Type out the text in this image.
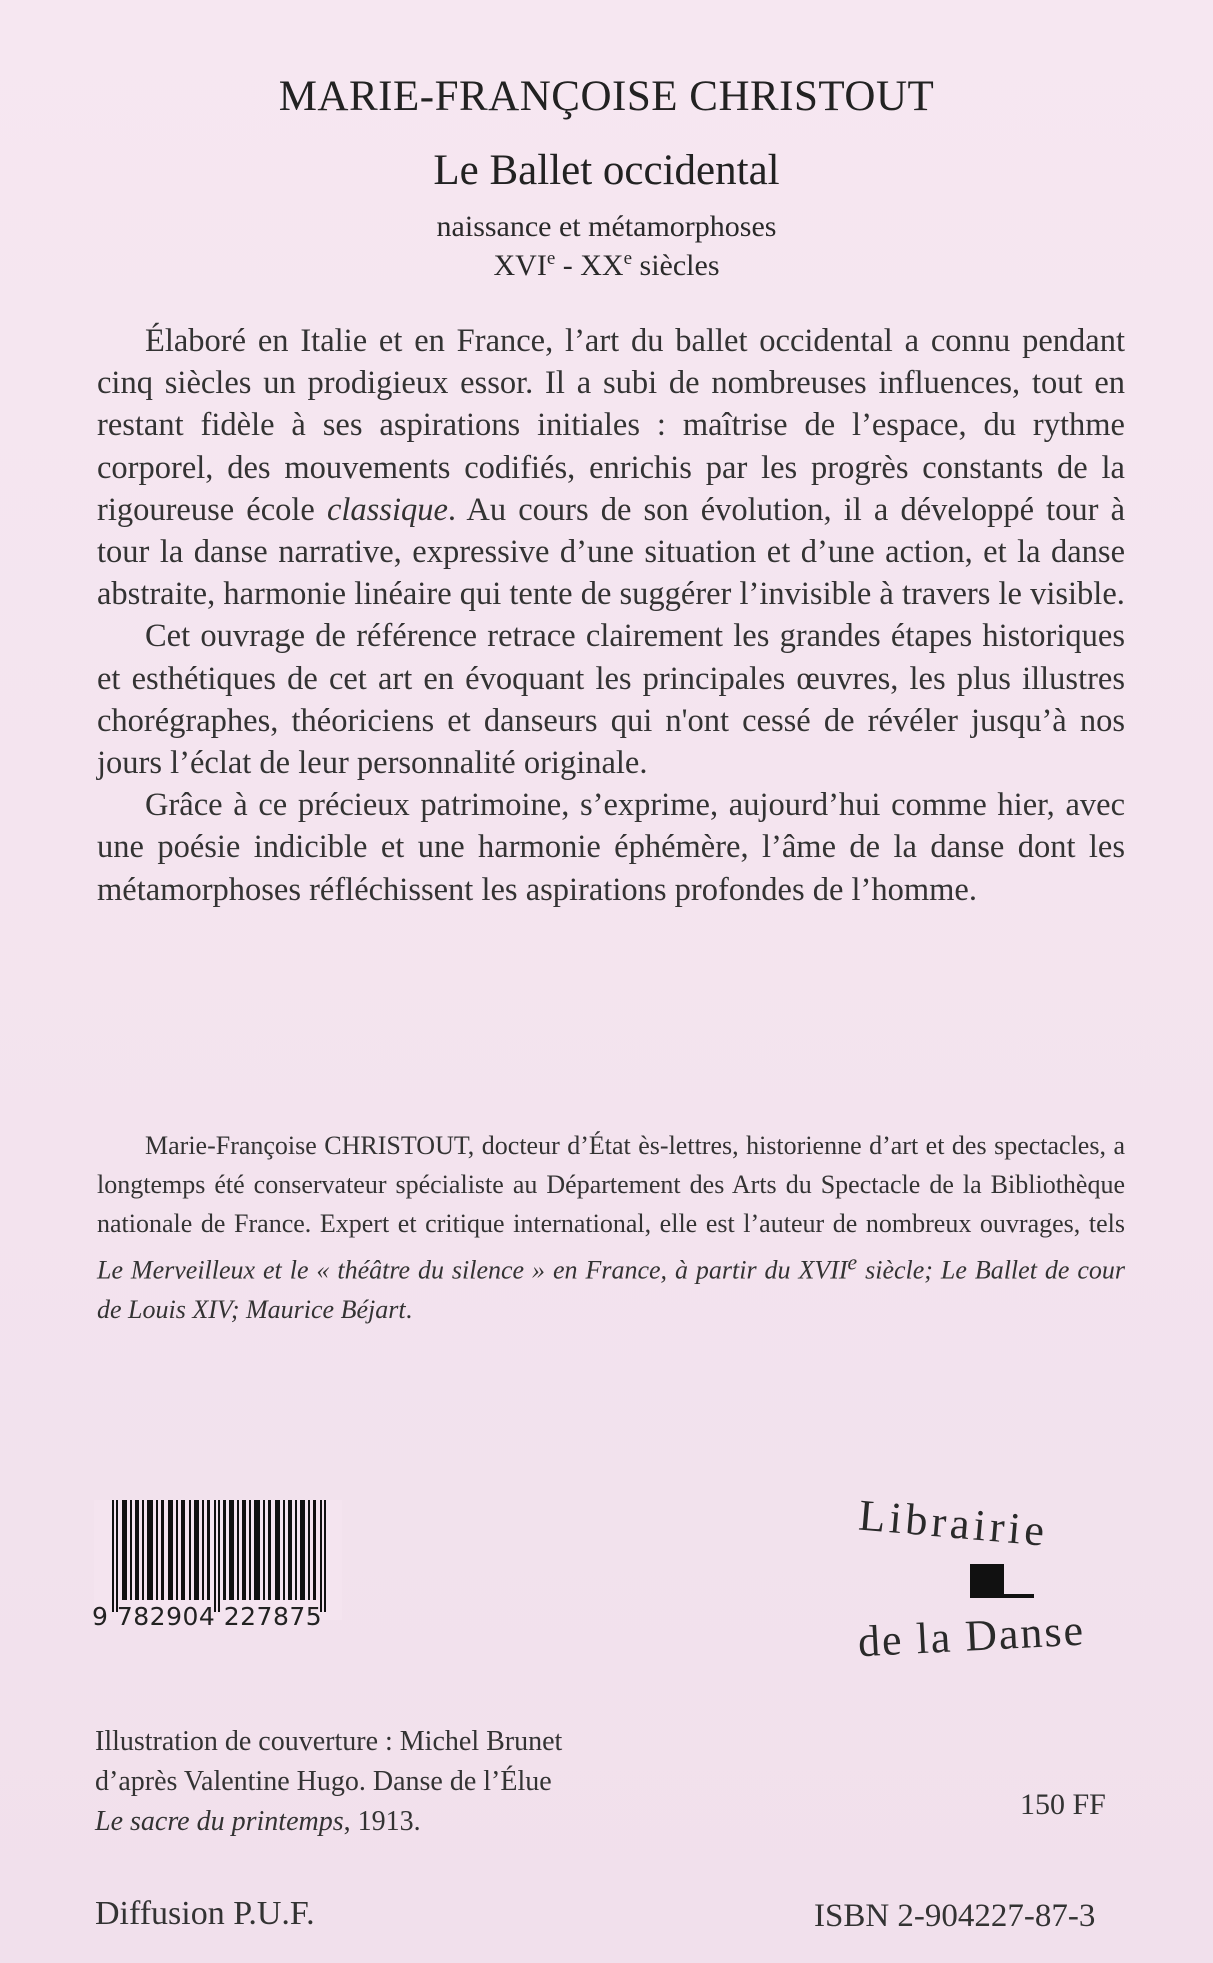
MARIE-FRANÇOISE CHRISTOUT
Le Ballet occidental
naissance et métamorphoses
XVIe - XXe siècles

Élaboré en Italie et en France, l’art du ballet occidental a connu pendant cinq siècles un prodigieux essor. Il a subi de nombreuses influences, tout en restant fidèle à ses aspirations initiales : maîtrise de l’espace, du rythme corporel, des mouvements codifiés, enrichis par les progrès constants de la rigoureuse école classique. Au cours de son évolution, il a développé tour à tour la danse narrative, expressive d’une situation et d’une action, et la danse abstraite, harmonie linéaire qui tente de suggérer l’invisible à travers le visible.

Cet ouvrage de référence retrace clairement les grandes étapes historiques et esthétiques de cet art en évoquant les principales œuvres, les plus illustres chorégraphes, théoriciens et danseurs qui n'ont cessé de révéler jusqu’à nos jours l’éclat de leur personnalité originale.

Grâce à ce précieux patrimoine, s’exprime, aujourd’hui comme hier, avec une poésie indicible et une harmonie éphémère, l’âme de la danse dont les métamorphoses réfléchissent les aspirations profondes de l’homme.

Marie-Françoise CHRISTOUT, docteur d’État ès-lettres, historienne d’art et des spectacles, a longtemps été conservateur spécialiste au Département des Arts du Spectacle de la Bibliothèque nationale de France. Expert et critique international, elle est l’auteur de nombreux ouvrages, tels Le Merveilleux et le « théâtre du silence » en France, à partir du XVIIe siècle; Le Ballet de cour de Louis XIV; Maurice Béjart.

9 782904 227875
Librairie
de la Danse
Illustration de couverture : Michel Brunet
d’après Valentine Hugo. Danse de l’Élue
Le sacre du printemps, 1913.
150 FF
Diffusion P.U.F.	ISBN 2-904227-87-3
